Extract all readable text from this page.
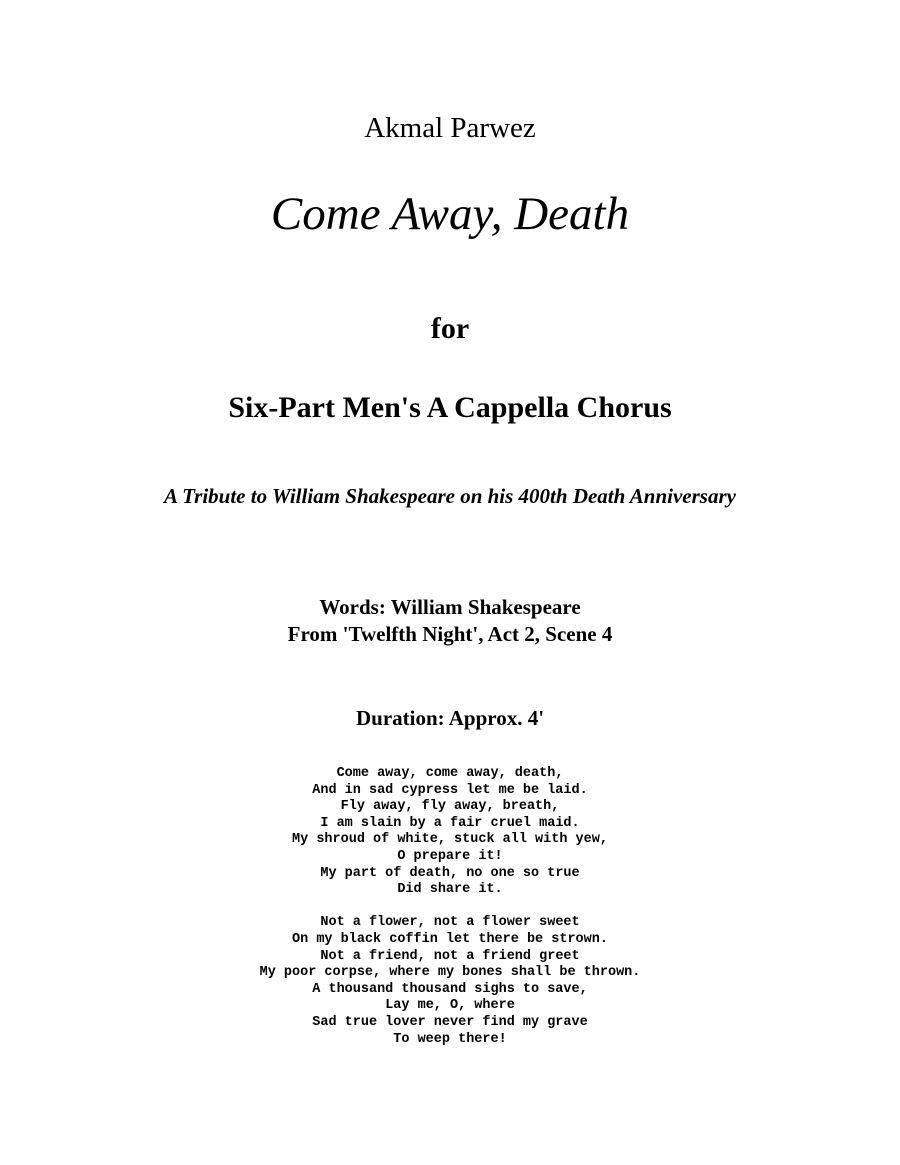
Akmal Parwez

Come Away, Death

for

Six-Part Men's A Cappella Chorus

A Tribute to William Shakespeare on his 400th Death Anniversary

Words: William Shakespeare

From 'Twelfth Night', Act 2, Scene 4

Duration: Approx. 4'

Come away, come away, death,
And in sad cypress let me be laid.
Fly away, fly away, breath,
I am slain by a fair cruel maid.
My shroud of white, stuck all with yew,
O prepare it!
My part of death, no one so true
Did share it.
Not a flower, not a flower sweet
On my black coffin let there be strown.
Not a friend, not a friend greet
My poor corpse, where my bones shall be thrown.
A thousand thousand sighs to save,
Lay me, O, where
Sad true lover never find my grave
To weep there!
